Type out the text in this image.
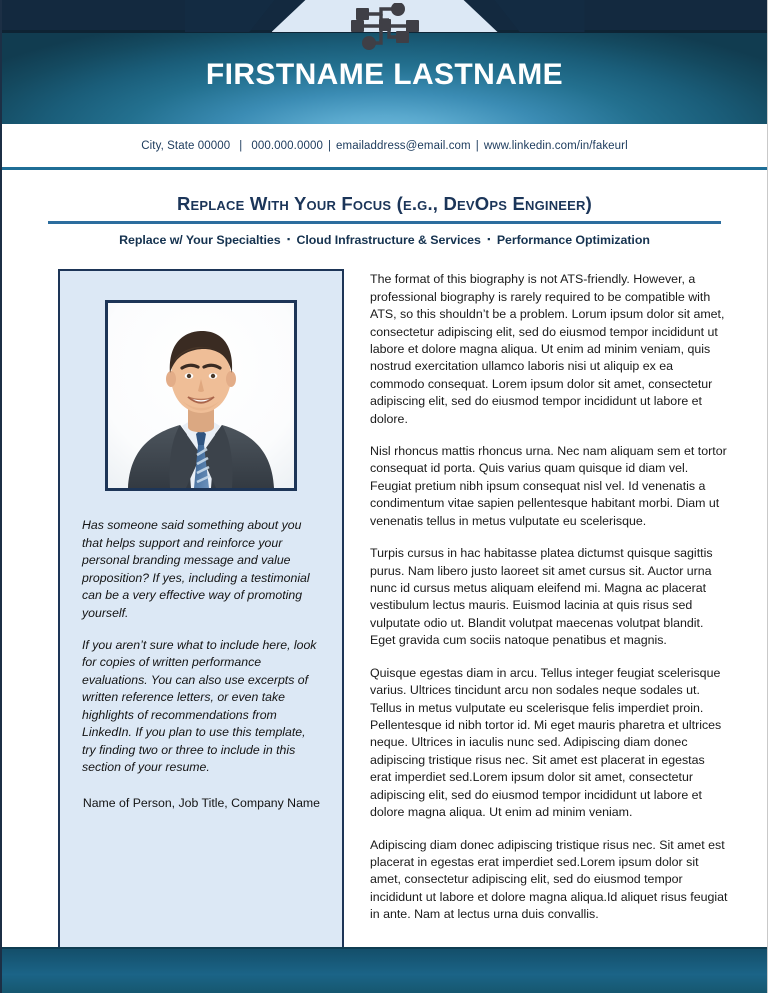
FIRSTNAME LASTNAME
City, State 00000 | 000.000.0000 | emailaddress@email.com | www.linkedin.com/in/fakeurl
Replace With Your Focus (e.g., DevOps Engineer)
Replace w/ Your Specialties ▪ Cloud Infrastructure & Services ▪ Performance Optimization

Has someone said something about you that helps support and reinforce your personal branding message and value proposition? If yes, including a testimonial can be a very effective way of promoting yourself.

If you aren’t sure what to include here, look for copies of written performance evaluations. You can also use excerpts of written reference letters, or even take highlights of recommendations from LinkedIn. If you plan to use this template, try finding two or three to include in this section of your resume.

Name of Person, Job Title, Company Name

The format of this biography is not ATS-friendly. However, a professional biography is rarely required to be compatible with ATS, so this shouldn’t be a problem. Lorum ipsum dolor sit amet, consectetur adipiscing elit, sed do eiusmod tempor incididunt ut labore et dolore magna aliqua. Ut enim ad minim veniam, quis nostrud exercitation ullamco laboris nisi ut aliquip ex ea commodo consequat. Lorem ipsum dolor sit amet, consectetur adipiscing elit, sed do eiusmod tempor incididunt ut labore et dolore.

Nisl rhoncus mattis rhoncus urna. Nec nam aliquam sem et tortor consequat id porta. Quis varius quam quisque id diam vel. Feugiat pretium nibh ipsum consequat nisl vel. Id venenatis a condimentum vitae sapien pellentesque habitant morbi. Diam ut venenatis tellus in metus vulputate eu scelerisque.

Turpis cursus in hac habitasse platea dictumst quisque sagittis purus. Nam libero justo laoreet sit amet cursus sit. Auctor urna nunc id cursus metus aliquam eleifend mi. Magna ac placerat vestibulum lectus mauris. Euismod lacinia at quis risus sed vulputate odio ut. Blandit volutpat maecenas volutpat blandit. Eget gravida cum sociis natoque penatibus et magnis.

Quisque egestas diam in arcu. Tellus integer feugiat scelerisque varius. Ultrices tincidunt arcu non sodales neque sodales ut. Tellus in metus vulputate eu scelerisque felis imperdiet proin. Pellentesque id nibh tortor id. Mi eget mauris pharetra et ultrices neque. Ultrices in iaculis nunc sed. Adipiscing diam donec adipiscing tristique risus nec. Sit amet est placerat in egestas erat imperdiet sed.Lorem ipsum dolor sit amet, consectetur adipiscing elit, sed do eiusmod tempor incididunt ut labore et dolore magna aliqua. Ut enim ad minim veniam.

Adipiscing diam donec adipiscing tristique risus nec. Sit amet est placerat in egestas erat imperdiet sed.Lorem ipsum dolor sit amet, consectetur adipiscing elit, sed do eiusmod tempor incididunt ut labore et dolore magna aliqua.Id aliquet risus feugiat in ante. Nam at lectus urna duis convallis.
